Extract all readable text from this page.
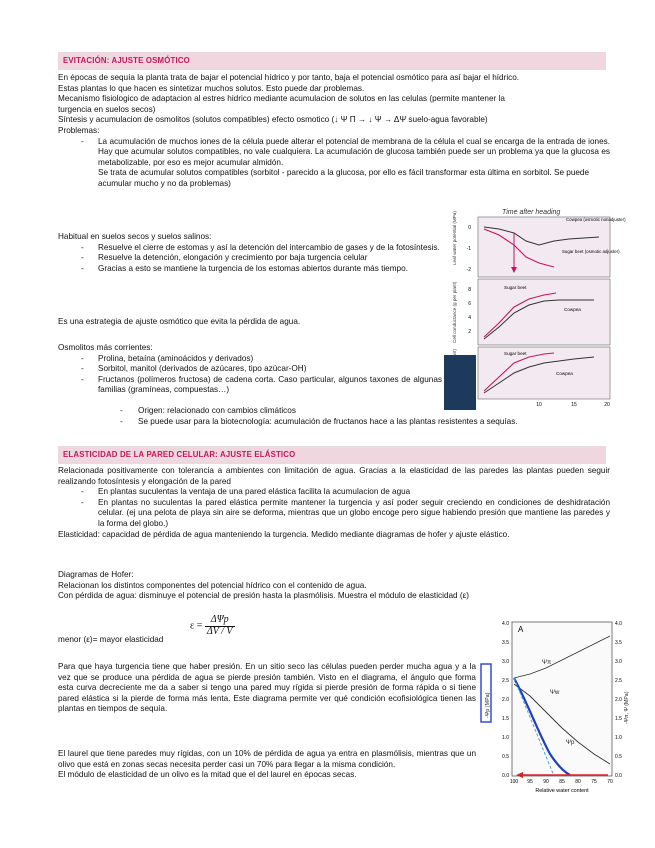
EVITACIÓN: AJUSTE OSMÓTICO

En épocas de sequía la planta trata de bajar el potencial hídrico y por tanto, baja el potencial osmótico para así bajar el hídrico.

Estas plantas lo que hacen es sintetizar muchos solutos. Esto puede dar problemas.

Mecanismo fisiologico de adaptacion al estres hidrico mediante acumulacion de solutos en las celulas (permite mantener la

turgencia en suelos secos)

Síntesis y acumulacion de osmolitos (solutos compatibles) efecto osmotico (↓ Ψ Π → ↓ Ψ → ΔΨ suelo-agua favorable)

Problemas:

- La acumulación de muchos iones de la célula puede alterar el potencial de membrana de la célula el cual se encarga de la entrada de iones. Hay que acumular solutos compatibles, no vale cualquiera. La acumulación de glucosa también puede ser un problema ya que la glucosa es metabolizable, por eso es mejor acumular almidón.

Se trata de acumular solutos compatibles (sorbitol - parecido a la glucosa, por ello es fácil transformar esta última en sorbitol. Se puede acumular mucho y no da problemas)

Habitual en suelos secos y suelos salinos:

- Resuelve el cierre de estomas y así la detención del intercambio de gases y de la fotosíntesis.

- Resuelve la detención, elongación y crecimiento por baja turgencia celular

- Gracias a esto se mantiene la turgencia de los estomas abiertos durante más tiempo.

Es una estrategia de ajuste osmótico que evita la pérdida de agua.

Osmolitos más corrientes:

- Prolina, betaína (aminoácidos y derivados)

- Sorbitol, manitol (derivados de azúcares, tipo azúcar-OH)

- Fructanos (polímeros fructosa) de cadena corta. Caso particular, algunos taxones de algunas familias (gramíneas, compuestas…)

- Origen: relacionado con cambios climáticos

- Se puede usar para la biotecnología: acumulación de fructanos hace a las plantas resistentes a sequías.

Time after heading
Leaf water potential (MPa) 0
-1
-2
Cowpea (osmotic nonadjuster)
Sugar beet (osmotic adjuster)
Cell conductance (g per plant) 8
6
4
2
Sugar beet
Cowpea
Sugar beet
Cowpea
10	15	20
ELASTICIDAD DE LA PARED CELULAR: AJUSTE ELÁSTICO

Relacionada positivamente con tolerancia a ambientes con limitación de agua. Gracias a la elasticidad de las paredes las plantas pueden seguir realizando fotosíntesis y elongación de la pared

- En plantas suculentas la ventaja de una pared elástica facilita la acumulacion de agua

- En plantas no suculentas la pared elástica permite mantener la turgencia y así poder seguir creciendo en condiciones de deshidratación celular. (ej una pelota de playa sin aire se deforma, mientras que un globo encoge pero sigue habiendo presión que mantiene las paredes y la forma del globo.)

Elasticidad: capacidad de pérdida de agua manteniendo la turgencia. Medido mediante diagramas de hofer y ajuste elástico.

Diagramas de Hofer:

Relacionan los distintos componentes del potencial hídrico con el contenido de agua.

Con pérdida de agua: disminuye el potencial de presión hasta la plasmólisis. Muestra el módulo de elasticidad (ε)

$\varepsilon = \frac{\text{ΔΨp}}{\Delta V / V}$

menor (ε)= mayor elasticidad

Para que haya turgencia tiene que haber presión. En un sitio seco las células pueden perder mucha agua y a la vez que se produce una pérdida de agua se pierde presión también. Visto en el diagrama, el ángulo que forma esta curva decreciente me da a saber si tengo una pared muy rígida si pierde presión de forma rápida o si tiene pared elástica si la pierde de forma más lenta. Este diagrama permite ver qué condición ecofisiológica tienen las plantas en tiempos de sequía.

El laurel que tiene paredes muy rígidas, con un 10% de pérdida de agua ya entra en plasmólisis, mientras que un olivo que está en zonas secas necesita perder casi un 70% para llegar a la misma condición.

El módulo de elasticidad de un olivo es la mitad que el del laurel en épocas secas.

A
4.0
3.5
3.0
2.5
2.0
1.5
1.0
0.5
0.0
4.0
3.5
3.0
2.5
2.0
1.5
1.0
0.5
0.0
-Ψp (MPa)	-Ψπ, Ψ (MPa)
Ψπ
Ψw
Ψp
100 95 90 85 80 75 70
Relative water content
